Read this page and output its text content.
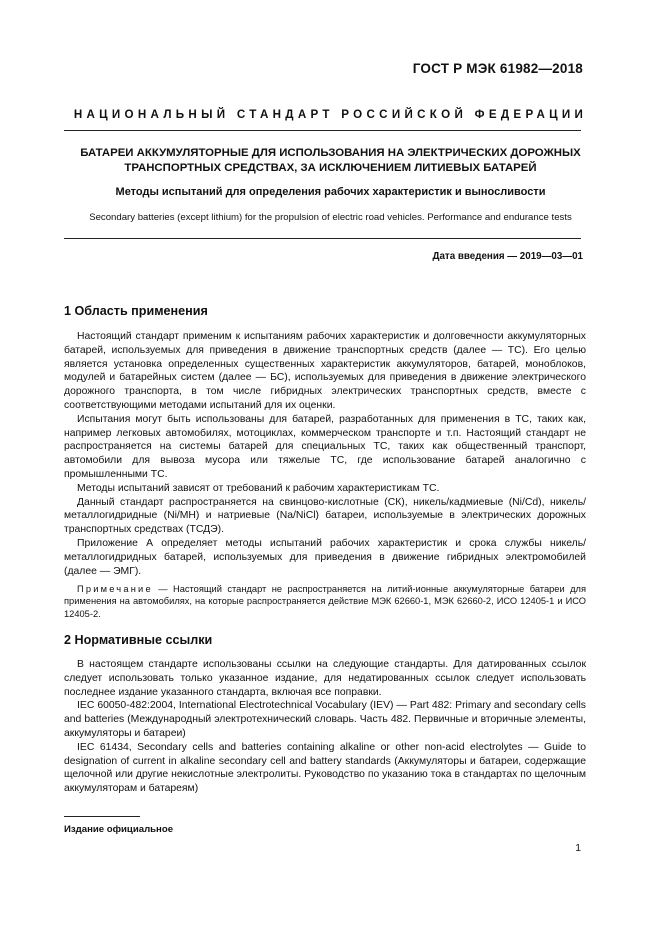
ГОСТ Р МЭК 61982—2018
НАЦИОНАЛЬНЫЙ СТАНДАРТ РОССИЙСКОЙ ФЕДЕРАЦИИ
БАТАРЕИ АККУМУЛЯТОРНЫЕ ДЛЯ ИСПОЛЬЗОВАНИЯ НА ЭЛЕКТРИЧЕСКИХ ДОРОЖНЫХ
ТРАНСПОРТНЫХ СРЕДСТВАХ, ЗА ИСКЛЮЧЕНИЕМ ЛИТИЕВЫХ БАТАРЕЙ
Методы испытаний для определения рабочих характеристик и выносливости
Secondary batteries (except lithium) for the propulsion of electric road vehicles. Performance and endurance tests
Дата введения — 2019—03—01
1 Область применения

Настоящий стандарт применим к испытаниям рабочих характеристик и долговечности аккумуляторных батарей, используемых для приведения в движение транспортных средств (далее — ТС). Его целью является установка определенных существенных характеристик аккумуляторов, батарей, моноблоков, модулей и батарейных систем (далее — БС), используемых для приведения в движение электрического дорожного транспорта, в том числе гибридных электрических транспортных средств, вместе с соответствующими методами испытаний для их оценки.

Испытания могут быть использованы для батарей, разработанных для применения в ТС, таких как, например легковых автомобилях, мотоциклах, коммерческом транспорте и т.п. Настоящий стандарт не распространяется на системы батарей для специальных ТС, таких как общественный транспорт, автомобили для вывоза мусора или тяжелые ТС, где использование батарей аналогично с промышленными ТС.

Методы испытаний зависят от требований к рабочим характеристикам ТС.

Данный стандарт распространяется на свинцово-кислотные (СК), никель/кадмиевые (Ni/Cd), никель/металлогидридные (Ni/MH) и натриевые (Na/NiCl) батареи, используемые в электрических дорожных транспортных средствах (ТСДЭ).

Приложение А определяет методы испытаний рабочих характеристик и срока службы никель/металлогидридных батарей, используемых для приведения в движение гибридных электромобилей (далее — ЭМГ).

Примечание — Настоящий стандарт не распространяется на литий-ионные аккумуляторные батареи для применения на автомобилях, на которые распространяется действие МЭК 62660-1, МЭК 62660-2, ИСО 12405-1 и ИСО 12405-2.

2 Нормативные ссылки

В настоящем стандарте использованы ссылки на следующие стандарты. Для датированных ссылок следует использовать только указанное издание, для недатированных ссылок следует использовать последнее издание указанного стандарта, включая все поправки.

IEC 60050-482:2004, International Electrotechnical Vocabulary (IEV) — Part 482: Primary and secondary cells and batteries (Международный электротехнический словарь. Часть 482. Первичные и вторичные элементы, аккумуляторы и батареи)

IEC 61434, Secondary cells and batteries containing alkaline or other non-acid electrolytes — Guide to designation of current in alkaline secondary cell and battery standards (Аккумуляторы и батареи, содержащие щелочной или другие некислотные электролиты. Руководство по указанию тока в стандартах по щелочным аккумуляторам и батареям)

Издание официальное
1
